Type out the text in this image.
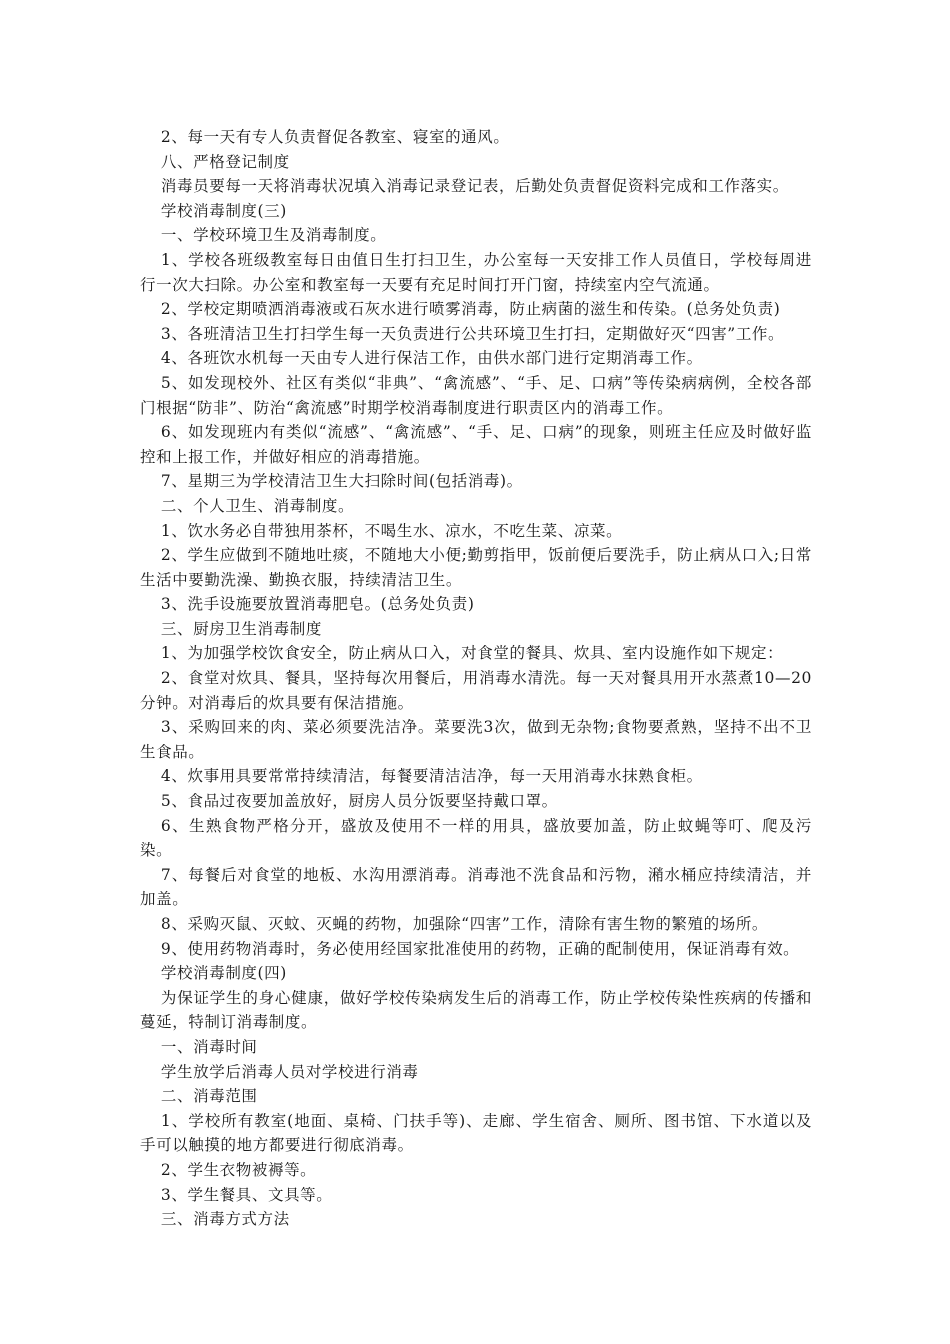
2、每一天有专人负责督促各教室、寝室的通风。

八、严格登记制度

消毒员要每一天将消毒状况填入消毒记录登记表，后勤处负责督促资料完成和工作落实。

学校消毒制度(三)

一、学校环境卫生及消毒制度。

1、学校各班级教室每日由值日生打扫卫生，办公室每一天安排工作人员值日，学校每周进行一次大扫除。办公室和教室每一天要有充足时间打开门窗，持续室内空气流通。

2、学校定期喷洒消毒液或石灰水进行喷雾消毒，防止病菌的滋生和传染。(总务处负责)

3、各班清洁卫生打扫学生每一天负责进行公共环境卫生打扫，定期做好灭“四害”工作。

4、各班饮水机每一天由专人进行保洁工作，由供水部门进行定期消毒工作。

5、如发现校外、社区有类似“非典”、“禽流感”、“手、足、口病”等传染病病例，全校各部门根据“防非”、防治“禽流感”时期学校消毒制度进行职责区内的消毒工作。

6、如发现班内有类似“流感”、“禽流感”、“手、足、口病”的现象，则班主任应及时做好监控和上报工作，并做好相应的消毒措施。

7、星期三为学校清洁卫生大扫除时间(包括消毒)。

二、个人卫生、消毒制度。

1、饮水务必自带独用茶杯，不喝生水、凉水，不吃生菜、凉菜。

2、学生应做到不随地吐痰，不随地大小便;勤剪指甲，饭前便后要洗手，防止病从口入;日常生活中要勤洗澡、勤换衣服，持续清洁卫生。

3、洗手设施要放置消毒肥皂。(总务处负责)

三、厨房卫生消毒制度

1、为加强学校饮食安全，防止病从口入，对食堂的餐具、炊具、室内设施作如下规定：

2、食堂对炊具、餐具，坚持每次用餐后，用消毒水清洗。每一天对餐具用开水蒸煮10—20分钟。对消毒后的炊具要有保洁措施。

3、采购回来的肉、菜必须要洗洁净。菜要洗3次，做到无杂物;食物要煮熟，坚持不出不卫生食品。

4、炊事用具要常常持续清洁，每餐要清洁洁净，每一天用消毒水抹熟食柜。

5、食品过夜要加盖放好，厨房人员分饭要坚持戴口罩。

6、生熟食物严格分开，盛放及使用不一样的用具，盛放要加盖，防止蚊蝇等叮、爬及污染。

7、每餐后对食堂的地板、水沟用漂消毒。消毒池不洗食品和污物，潲水桶应持续清洁，并加盖。

8、采购灭鼠、灭蚊、灭蝇的药物，加强除“四害”工作，清除有害生物的繁殖的场所。

9、使用药物消毒时，务必使用经国家批准使用的药物，正确的配制使用，保证消毒有效。

学校消毒制度(四)

为保证学生的身心健康，做好学校传染病发生后的消毒工作，防止学校传染性疾病的传播和蔓延，特制订消毒制度。

一、消毒时间

学生放学后消毒人员对学校进行消毒

二、消毒范围

1、学校所有教室(地面、桌椅、门扶手等)、走廊、学生宿舍、厕所、图书馆、下水道以及手可以触摸的地方都要进行彻底消毒。

2、学生衣物被褥等。

3、学生餐具、文具等。

三、消毒方式方法
